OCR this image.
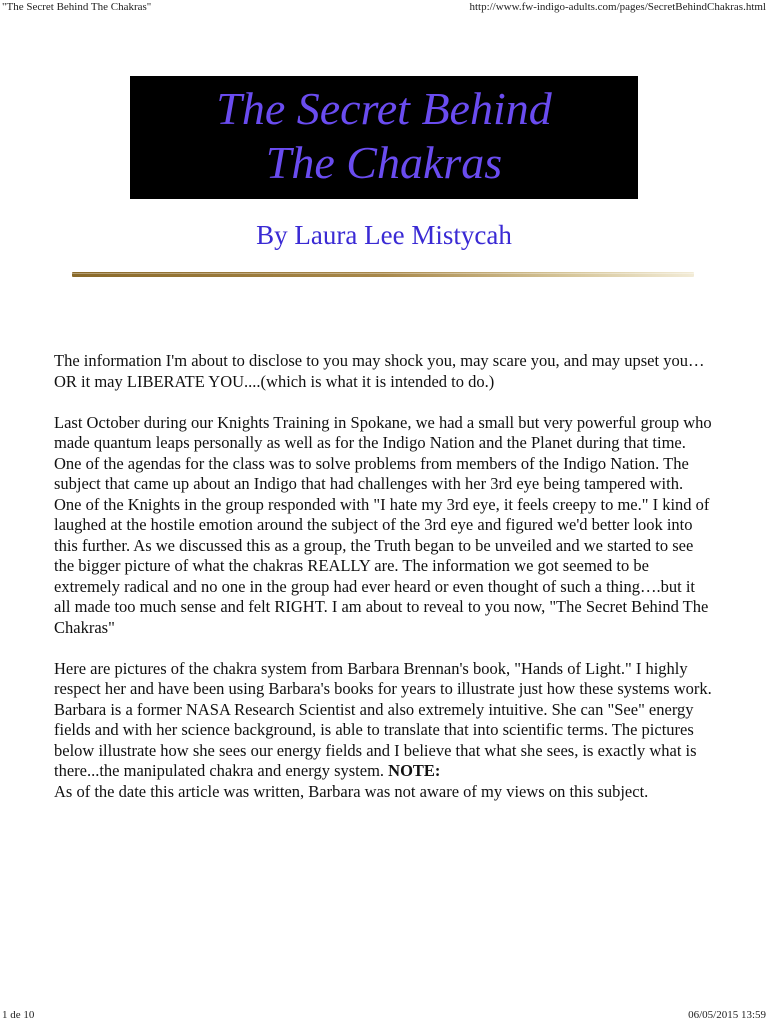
"The Secret Behind The Chakras"	http://www.fw-indigo-adults.com/pages/SecretBehindChakras.html
The Secret Behind
The Chakras
By Laura Lee Mistycah

The information I'm about to disclose to you may shock you, may scare you, and may upset you…OR it may LIBERATE YOU....(which is what it is intended to do.)

Last October during our Knights Training in Spokane, we had a small but very powerful group who made quantum leaps personally as well as for the Indigo Nation and the Planet during that time. One of the agendas for the class was to solve problems from members of the Indigo Nation. The subject that came up about an Indigo that had challenges with her 3rd eye being tampered with. One of the Knights in the group responded with "I hate my 3rd eye, it feels creepy to me." I kind of laughed at the hostile emotion around the subject of the 3rd eye and figured we'd better look into this further. As we discussed this as a group, the Truth began to be unveiled and we started to see the bigger picture of what the chakras REALLY are. The information we got seemed to be extremely radical and no one in the group had ever heard or even thought of such a thing….but it all made too much sense and felt RIGHT. I am about to reveal to you now, "The Secret Behind The Chakras"

Here are pictures of the chakra system from Barbara Brennan's book, "Hands of Light." I highly respect her and have been using Barbara's books for years to illustrate just how these systems work. Barbara is a former NASA Research Scientist and also extremely intuitive. She can "See" energy fields and with her science background, is able to translate that into scientific terms. The pictures below illustrate how she sees our energy fields and I believe that what she sees, is exactly what is there...the manipulated chakra and energy system. NOTE:
As of the date this article was written, Barbara was not aware of my views on this subject.

1 de 10	06/05/2015 13:59
